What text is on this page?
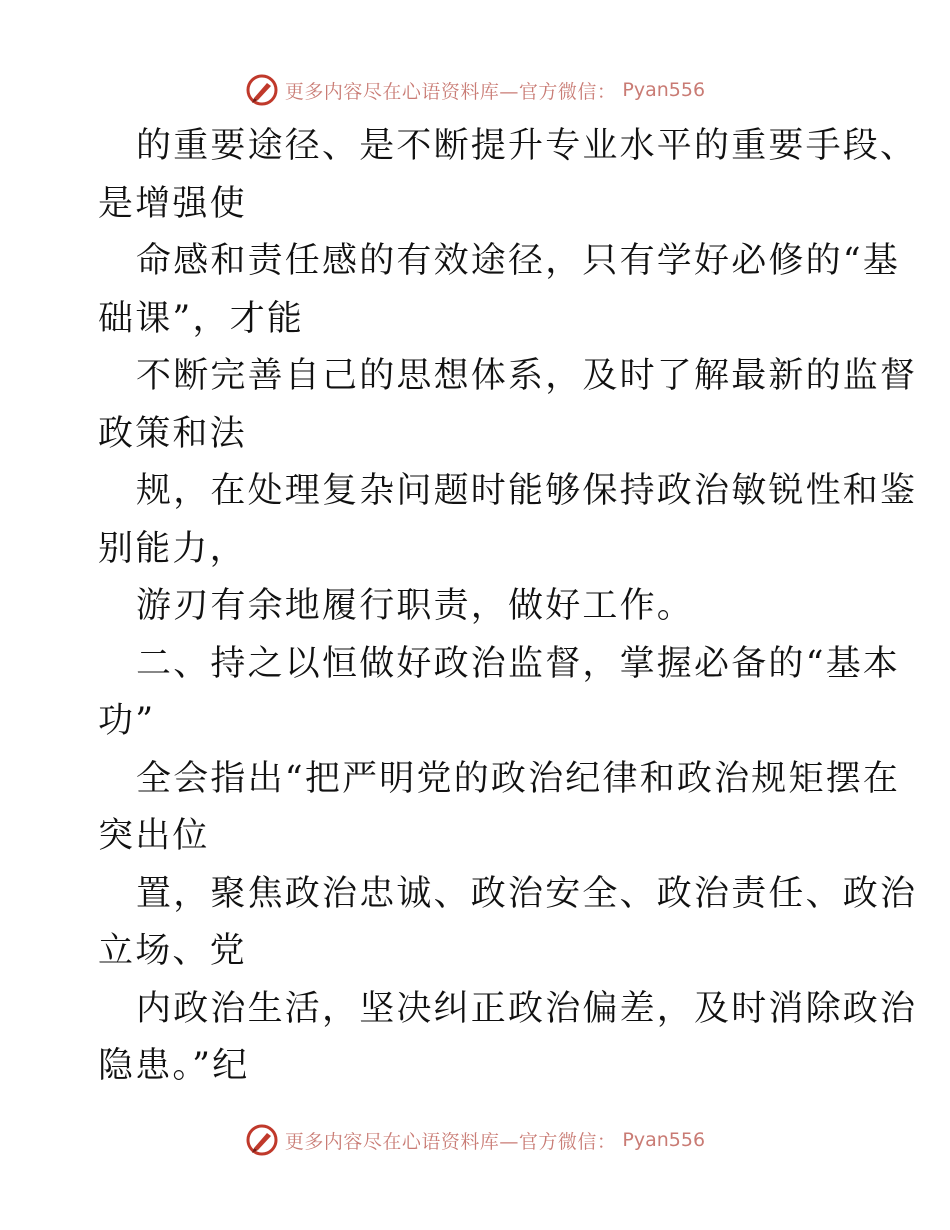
更多内容尽在心语资料库—官方微信： Pyan556
的重要途径、是不断提升专业水平的重要手段、
是增强使
命感和责任感的有效途径，只有学好必修的“基
础课”，才能
不断完善自己的思想体系，及时了解最新的监督
政策和法
规，在处理复杂问题时能够保持政治敏锐性和鉴
别能力，
游刃有余地履行职责，做好工作。
二、持之以恒做好政治监督，掌握必备的“基本
功”
全会指出“把严明党的政治纪律和政治规矩摆在
突出位
置，聚焦政治忠诚、政治安全、政治责任、政治
立场、党
内政治生活，坚决纠正政治偏差，及时消除政治
隐患。”纪
更多内容尽在心语资料库—官方微信： Pyan556
